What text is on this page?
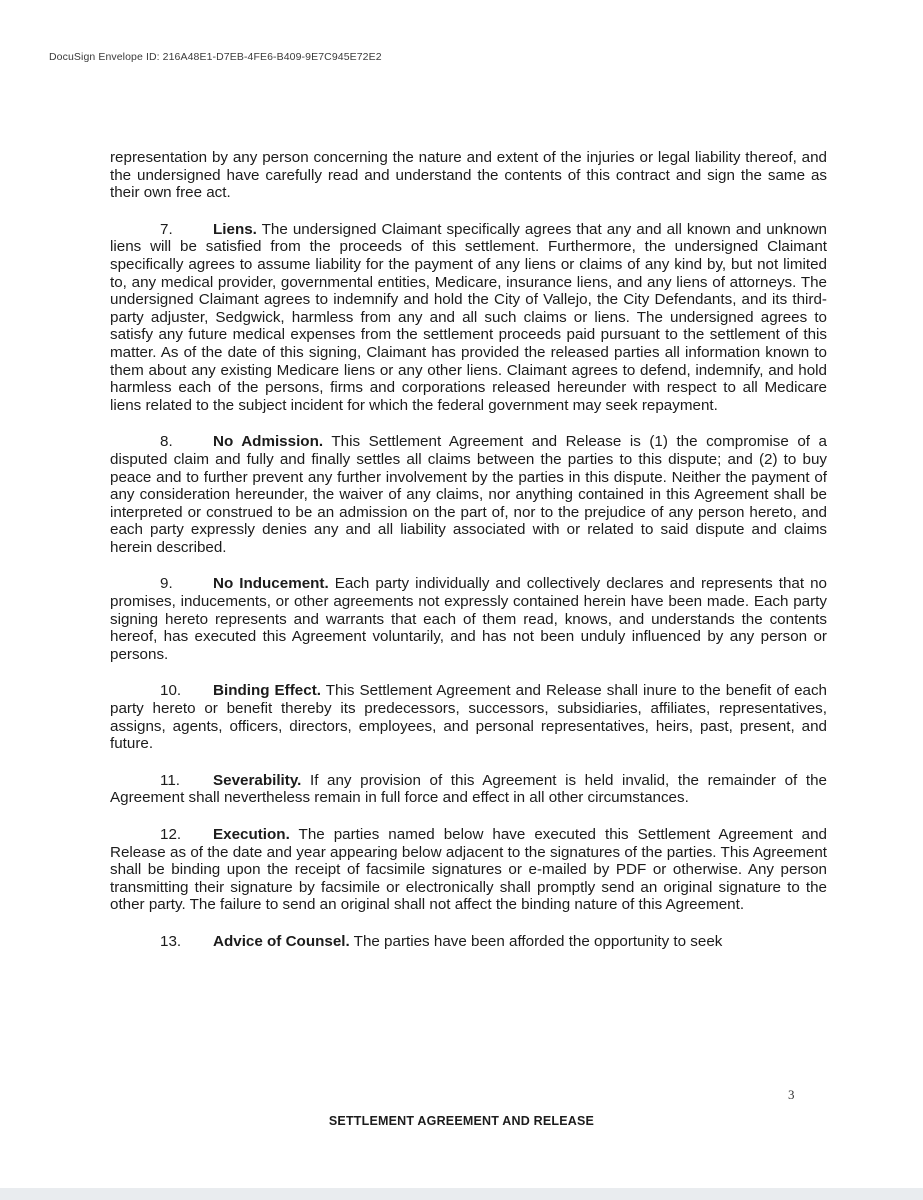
DocuSign Envelope ID: 216A48E1-D7EB-4FE6-B409-9E7C945E72E2

representation by any person concerning the nature and extent of the injuries or legal liability thereof, and the undersigned have carefully read and understand the contents of this contract and sign the same as their own free act.

7.	Liens. The undersigned Claimant specifically agrees that any and all known and unknown liens will be satisfied from the proceeds of this settlement. Furthermore, the undersigned Claimant specifically agrees to assume liability for the payment of any liens or claims of any kind by, but not limited to, any medical provider, governmental entities, Medicare, insurance liens, and any liens of attorneys. The undersigned Claimant agrees to indemnify and hold the City of Vallejo, the City Defendants, and its third-party adjuster, Sedgwick, harmless from any and all such claims or liens. The undersigned agrees to satisfy any future medical expenses from the settlement proceeds paid pursuant to the settlement of this matter. As of the date of this signing, Claimant has provided the released parties all information known to them about any existing Medicare liens or any other liens. Claimant agrees to defend, indemnify, and hold harmless each of the persons, firms and corporations released hereunder with respect to all Medicare liens related to the subject incident for which the federal government may seek repayment.

8.	No Admission. This Settlement Agreement and Release is (1) the compromise of a disputed claim and fully and finally settles all claims between the parties to this dispute; and (2) to buy peace and to further prevent any further involvement by the parties in this dispute. Neither the payment of any consideration hereunder, the waiver of any claims, nor anything contained in this Agreement shall be interpreted or construed to be an admission on the part of, nor to the prejudice of any person hereto, and each party expressly denies any and all liability associated with or related to said dispute and claims herein described.

9.	No Inducement. Each party individually and collectively declares and represents that no promises, inducements, or other agreements not expressly contained herein have been made. Each party signing hereto represents and warrants that each of them read, knows, and understands the contents hereof, has executed this Agreement voluntarily, and has not been unduly influenced by any person or persons.

10. Binding Effect. This Settlement Agreement and Release shall inure to the benefit of each party hereto or benefit thereby its predecessors, successors, subsidiaries, affiliates, representatives, assigns, agents, officers, directors, employees, and personal representatives, heirs, past, present, and future.

11. Severability. If any provision of this Agreement is held invalid, the remainder of the Agreement shall nevertheless remain in full force and effect in all other circumstances.

12. Execution. The parties named below have executed this Settlement Agreement and Release as of the date and year appearing below adjacent to the signatures of the parties. This Agreement shall be binding upon the receipt of facsimile signatures or e-mailed by PDF or otherwise. Any person transmitting their signature by facsimile or electronically shall promptly send an original signature to the other party. The failure to send an original shall not affect the binding nature of this Agreement.

13. Advice of Counsel. The parties have been afforded the opportunity to seek

3
SETTLEMENT AGREEMENT AND RELEASE
